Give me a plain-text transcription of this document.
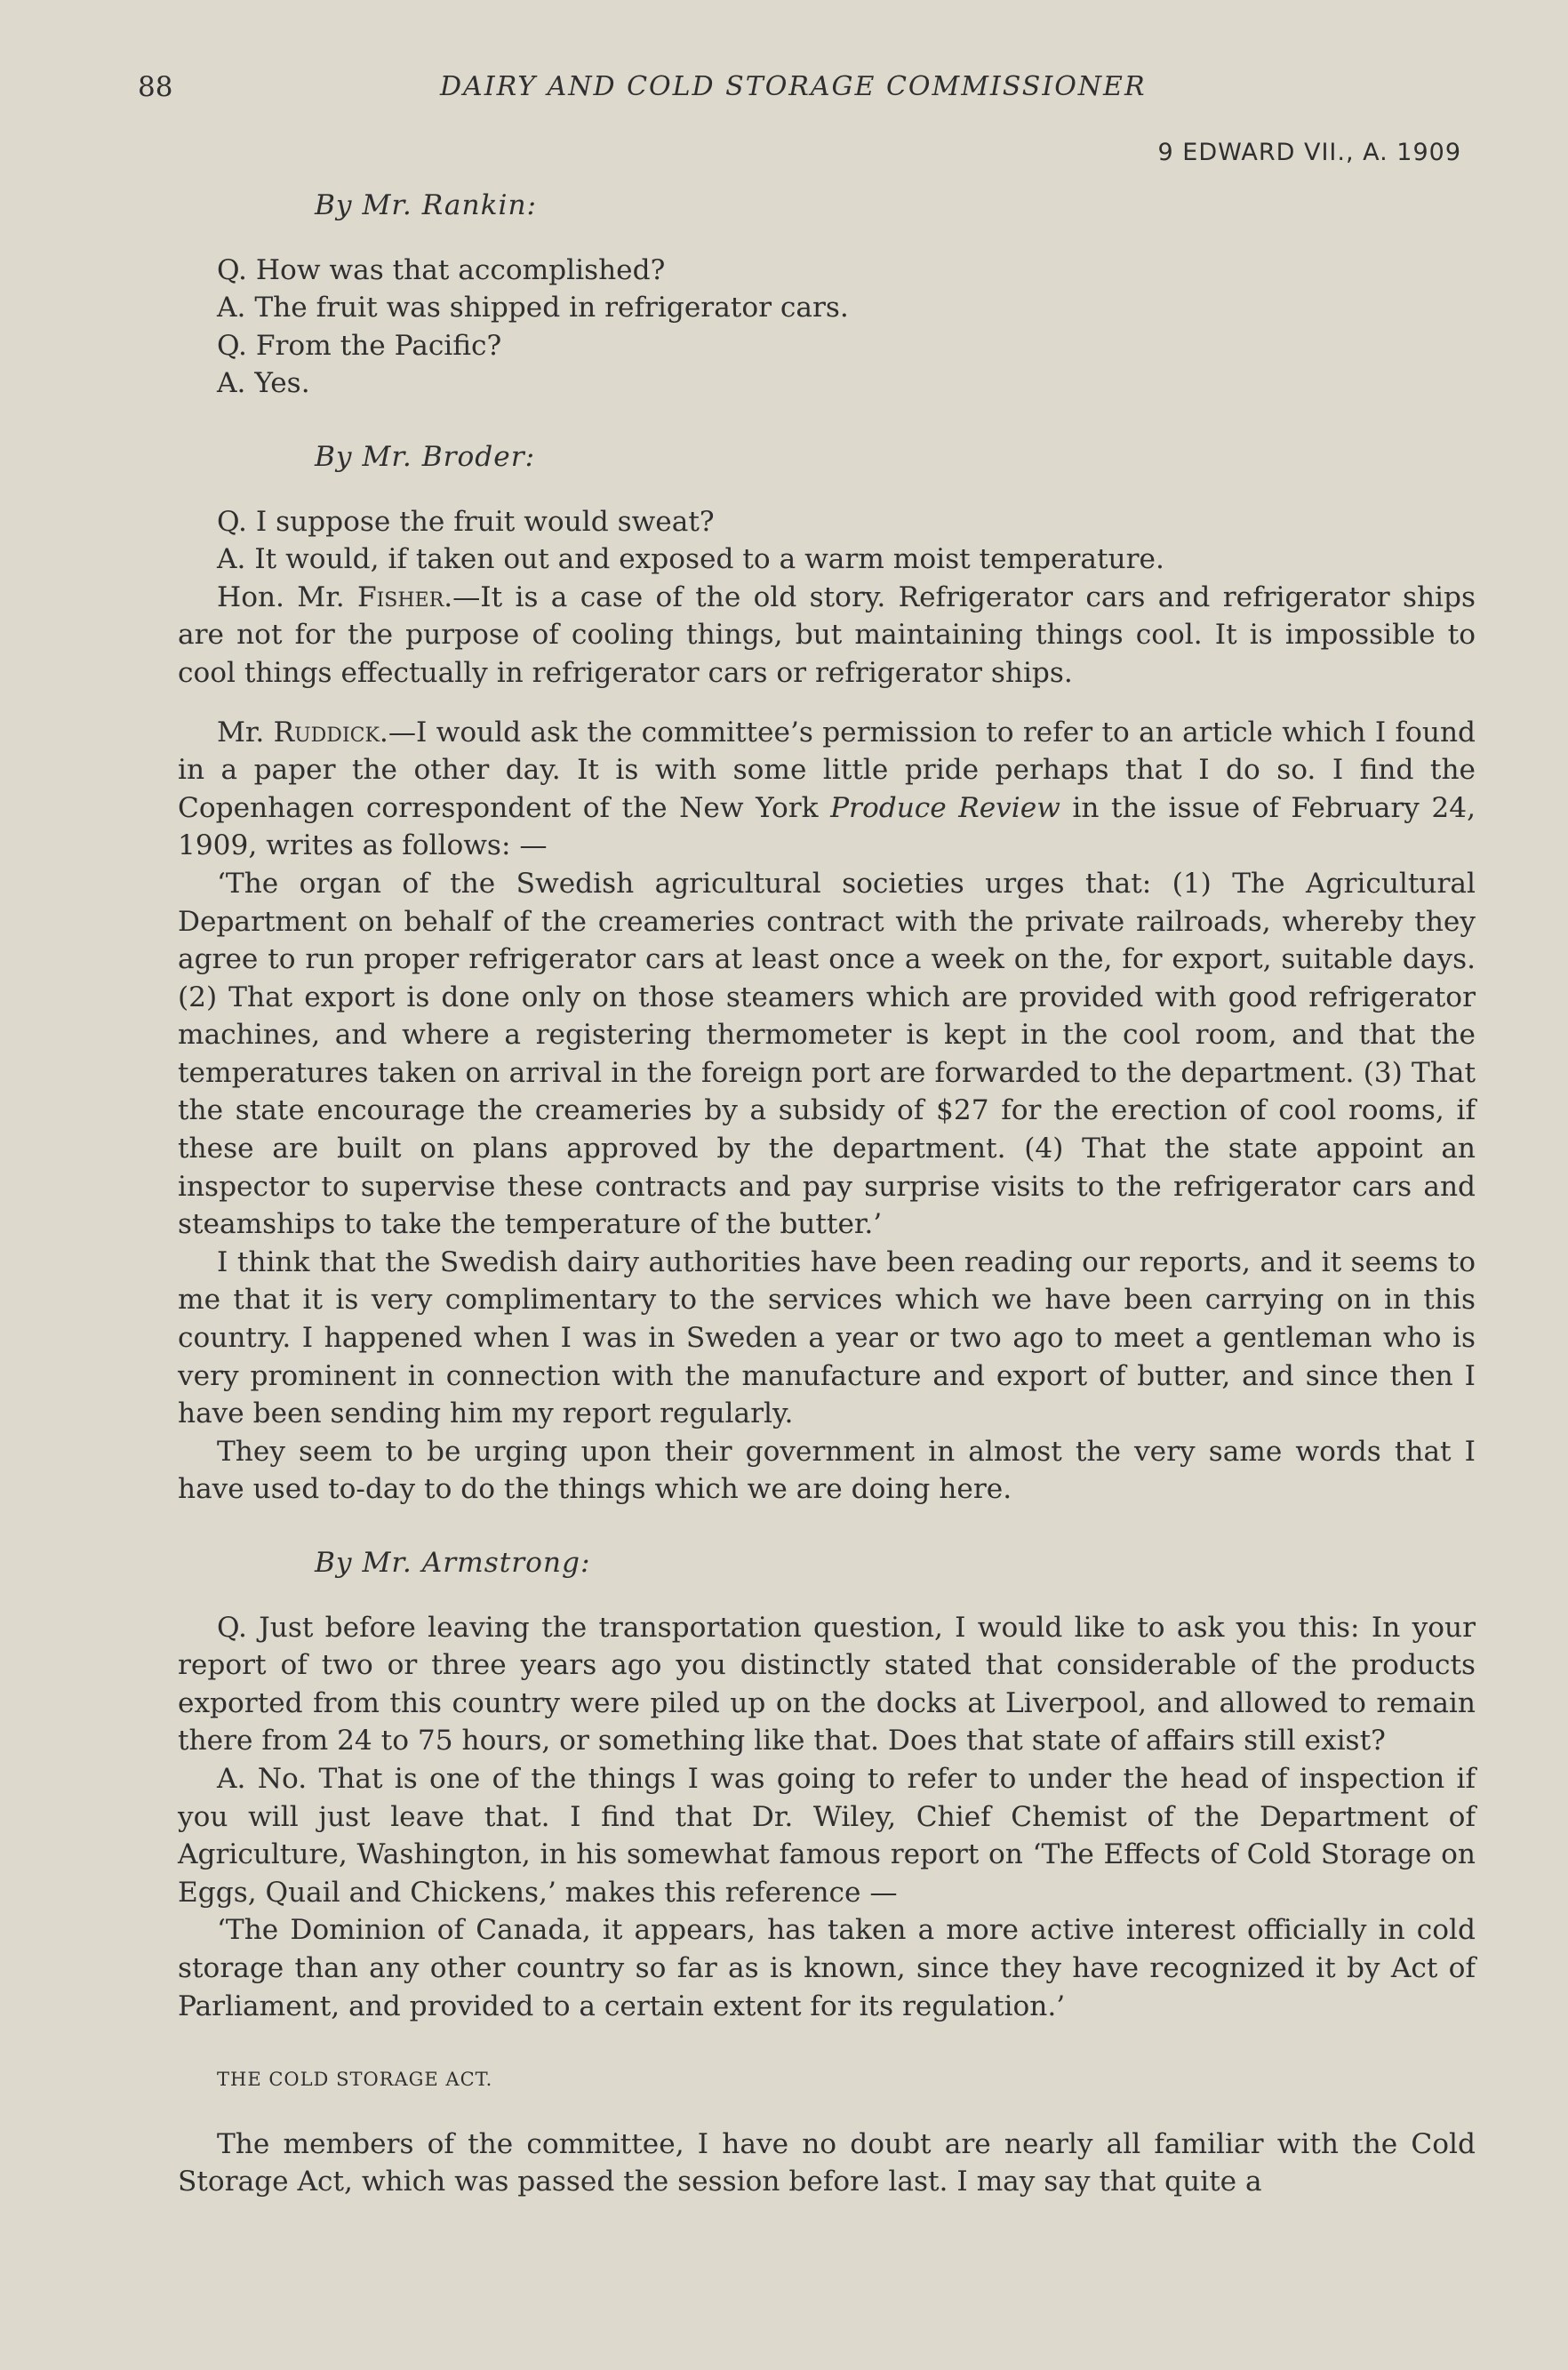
88	DAIRY AND COLD STORAGE COMMISSIONER
9 EDWARD VII., A. 1909

By Mr. Rankin:

Q. How was that accomplished?

A. The fruit was shipped in refrigerator cars.

Q. From the Pacific?

A. Yes.

By Mr. Broder:

Q. I suppose the fruit would sweat?

A. It would, if taken out and exposed to a warm moist temperature.

Hon. Mr. Fisher.—It is a case of the old story. Refrigerator cars and refrigerator ships are not for the purpose of cooling things, but maintaining things cool. It is impossible to cool things effectually in refrigerator cars or refrigerator ships.

Mr. Ruddick.—I would ask the committee’s permission to refer to an article which I found in a paper the other day. It is with some little pride perhaps that I do so. I find the Copenhagen correspondent of the New York Produce Review in the issue of February 24, 1909, writes as follows: —

‘The organ of the Swedish agricultural societies urges that: (1) The Agricultural Department on behalf of the creameries contract with the private railroads, whereby they agree to run proper refrigerator cars at least once a week on the, for export, suitable days. (2) That export is done only on those steamers which are provided with good refrigerator machines, and where a registering thermometer is kept in the cool room, and that the temperatures taken on arrival in the foreign port are forwarded to the department. (3) That the state encourage the creameries by a subsidy of $27 for the erection of cool rooms, if these are built on plans approved by the department. (4) That the state appoint an inspector to supervise these contracts and pay surprise visits to the refrigerator cars and steamships to take the temperature of the butter.’

I think that the Swedish dairy authorities have been reading our reports, and it seems to me that it is very complimentary to the services which we have been carrying on in this country. I happened when I was in Sweden a year or two ago to meet a gentleman who is very prominent in connection with the manufacture and export of butter, and since then I have been sending him my report regularly.

They seem to be urging upon their government in almost the very same words that I have used to-day to do the things which we are doing here.

By Mr. Armstrong:

Q. Just before leaving the transportation question, I would like to ask you this: In your report of two or three years ago you distinctly stated that considerable of the products exported from this country were piled up on the docks at Liverpool, and allowed to remain there from 24 to 75 hours, or something like that. Does that state of affairs still exist?

A. No. That is one of the things I was going to refer to under the head of inspection if you will just leave that. I find that Dr. Wiley, Chief Chemist of the Department of Agriculture, Washington, in his somewhat famous report on ‘The Effects of Cold Storage on Eggs, Quail and Chickens,’ makes this reference —

‘The Dominion of Canada, it appears, has taken a more active interest officially in cold storage than any other country so far as is known, since they have recognized it by Act of Parliament, and provided to a certain extent for its regulation.’

THE COLD STORAGE ACT.

The members of the committee, I have no doubt are nearly all familiar with the Cold Storage Act, which was passed the session before last. I may say that quite a
